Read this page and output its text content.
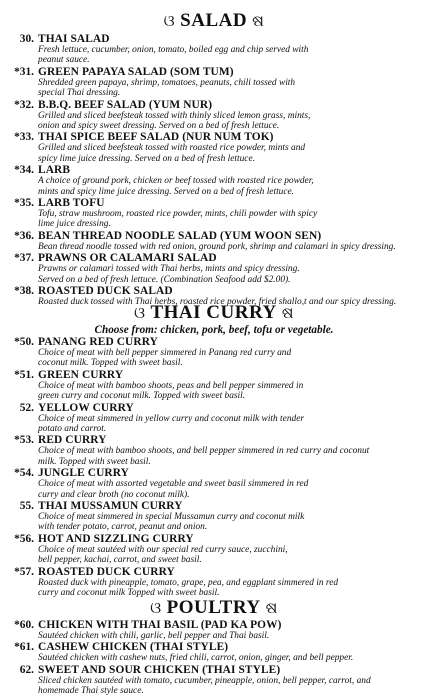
ଓ SALAD ଷ
30. THAI SALAD
Fresh lettuce, cucumber, onion, tomato, boiled egg and chip served with
peanut sauce.
*31. GREEN PAPAYA SALAD (SOM TUM)
Shredded green papaya, shrimp, tomatoes, peanuts, chili tossed with
special Thai dressing.
*32. B.B.Q. BEEF SALAD (YUM NUR)
Grilled and sliced beefsteak tossed with thinly sliced lemon grass, mints,
onion and spicy sweet dressing. Served on a bed of fresh lettuce.
*33. THAI SPICE BEEF SALAD (NUR NUM TOK)
Grilled and sliced beefsteak tossed with roasted rice powder, mints and
spicy lime juice dressing. Served on a bed of fresh lettuce.
*34. LARB
A choice of ground pork, chicken or beef tossed with roasted rice powder,
mints and spicy lime juice dressing. Served on a bed of fresh lettuce.
*35. LARB TOFU
Tofu, straw mushroom, roasted rice powder, mints, chili powder with spicy
lime juice dressing.
*36. BEAN THREAD NOODLE SALAD (YUM WOON SEN)
Bean thread noodle tossed with red onion, ground pork, shrimp and calamari in spicy dressing.
*37. PRAWNS OR CALAMARI SALAD
Prawns or calamari tossed with Thai herbs, mints and spicy dressing.
Served on a bed of fresh lettuce. (Combination Seafood add $2.00).
*38. ROASTED DUCK SALAD
Roasted duck tossed with Thai herbs, roasted rice powder, fried shallo,t and our spicy dressing.
ଓ THAI CURRY ଷ
Choose from: chicken, pork, beef, tofu or vegetable.
*50. PANANG RED CURRY
Choice of meat with bell pepper simmered in Panang red curry and
coconut milk. Topped with sweet basil.
*51. GREEN CURRY
Choice of meat with bamboo shoots, peas and bell pepper simmered in
green curry and coconut milk. Topped with sweet basil.
52. YELLOW CURRY
Choice of meat simmered in yellow curry and coconut milk with tender
potato and carrot.
*53. RED CURRY
Choice of meat with bamboo shoots, and bell pepper simmered in red curry and coconut
milk. Topped with sweet basil.
*54. JUNGLE CURRY
Choice of meat with assorted vegetable and sweet basil simmered in red
curry and clear broth (no coconut milk).
55. THAI MUSSAMUN CURRY
Choice of meat simmered in special Mussamun curry and coconut milk
with tender potato, carrot, peanut and onion.
*56. HOT AND SIZZLING CURRY
Choice of meat sautéed with our special red curry sauce, zucchini,
bell pepper, kachai, carrot, and sweet basil.
*57. ROASTED DUCK CURRY
Roasted duck with pineapple, tomato, grape, pea, and eggplant simmered in red
curry and coconut milk Topped with sweet basil.
ଓ POULTRY ଷ
*60. CHICKEN WITH THAI BASIL (PAD KA POW)
Sautéed chicken with chili, garlic, bell pepper and Thai basil.
*61. CASHEW CHICKEN (THAI STYLE)
Sautéed chicken with cashew nuts, fried chili, carrot, onion, ginger, and bell pepper.
62. SWEET AND SOUR CHICKEN (THAI STYLE)
Sliced chicken sautéed with tomato, cucumber, pineapple, onion, bell pepper, carrot, and
homemade Thai style sauce.
